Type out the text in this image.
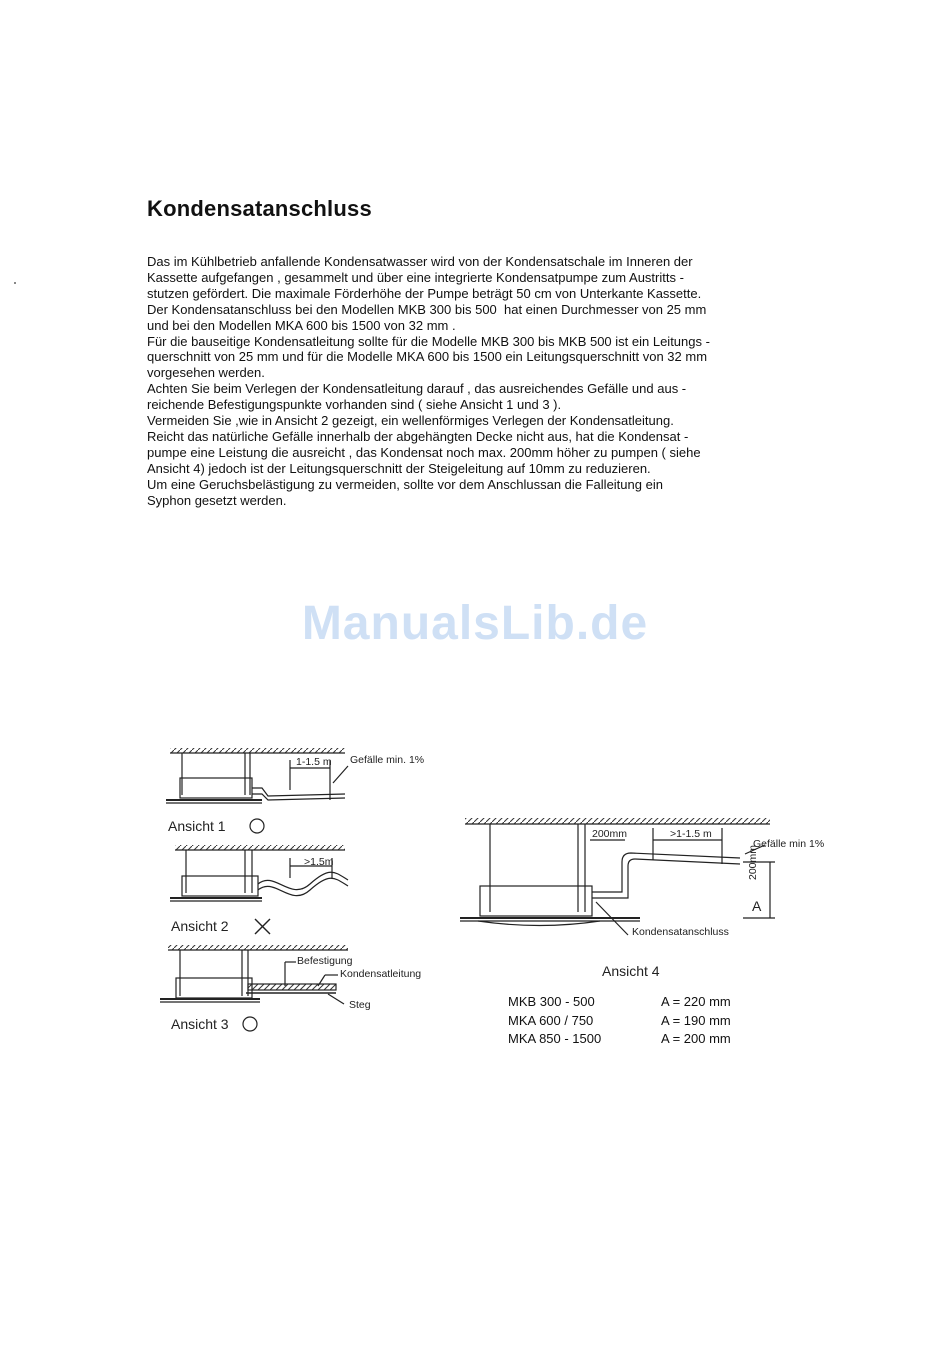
Kondensatanschluss

Das im Kühlbetrieb anfallende Kondensatwasser wird von der Kondensatschale im Inneren der

Kassette aufgefangen , gesammelt und über eine integrierte Kondensatpumpe zum Austritts -

stutzen gefördert. Die maximale Förderhöhe der Pumpe beträgt 50 cm von Unterkante Kassette.

Der Kondensatanschluss bei den Modellen MKB 300 bis 500  hat einen Durchmesser von 25 mm

und bei den Modellen MKA 600 bis 1500 von 32 mm .

Für die bauseitige Kondensatleitung sollte für die Modelle MKB 300 bis MKB 500 ist ein Leitungs -

querschnitt von 25 mm und für die Modelle MKA 600 bis 1500 ein Leitungsquerschnitt von 32 mm

vorgesehen werden.

Achten Sie beim Verlegen der Kondensatleitung darauf , das ausreichendes Gefälle und aus -

reichende Befestigungspunkte vorhanden sind ( siehe Ansicht 1 und 3 ).

Vermeiden Sie ,wie in Ansicht 2 gezeigt, ein wellenförmiges Verlegen der Kondensatleitung.

Reicht das natürliche Gefälle innerhalb der abgehängten Decke nicht aus, hat die Kondensat -

pumpe eine Leistung die ausreicht , das Kondensat noch max. 200mm höher zu pumpen ( siehe

Ansicht 4) jedoch ist der Leitungsquerschnitt der Steigeleitung auf 10mm zu reduzieren.

Um eine Geruchsbelästigung zu vermeiden, sollte vor dem Anschlussan die Falleitung ein

Syphon gesetzt werden.

ManualsLib.de
1-1.5 m Gefälle min. 1%
Ansicht 1
>1.5m
Ansicht 2
Befestigung
Kondensatleitung
Steg
Ansicht 3
200mm	>1-1.5 m
Gefälle min 1%
200mm
A
Kondensatanschluss
Ansicht 4
MKB 300 - 500	A = 220 mm
MKA 600 / 750	A = 190 mm
MKA 850 - 1500	A = 200 mm
